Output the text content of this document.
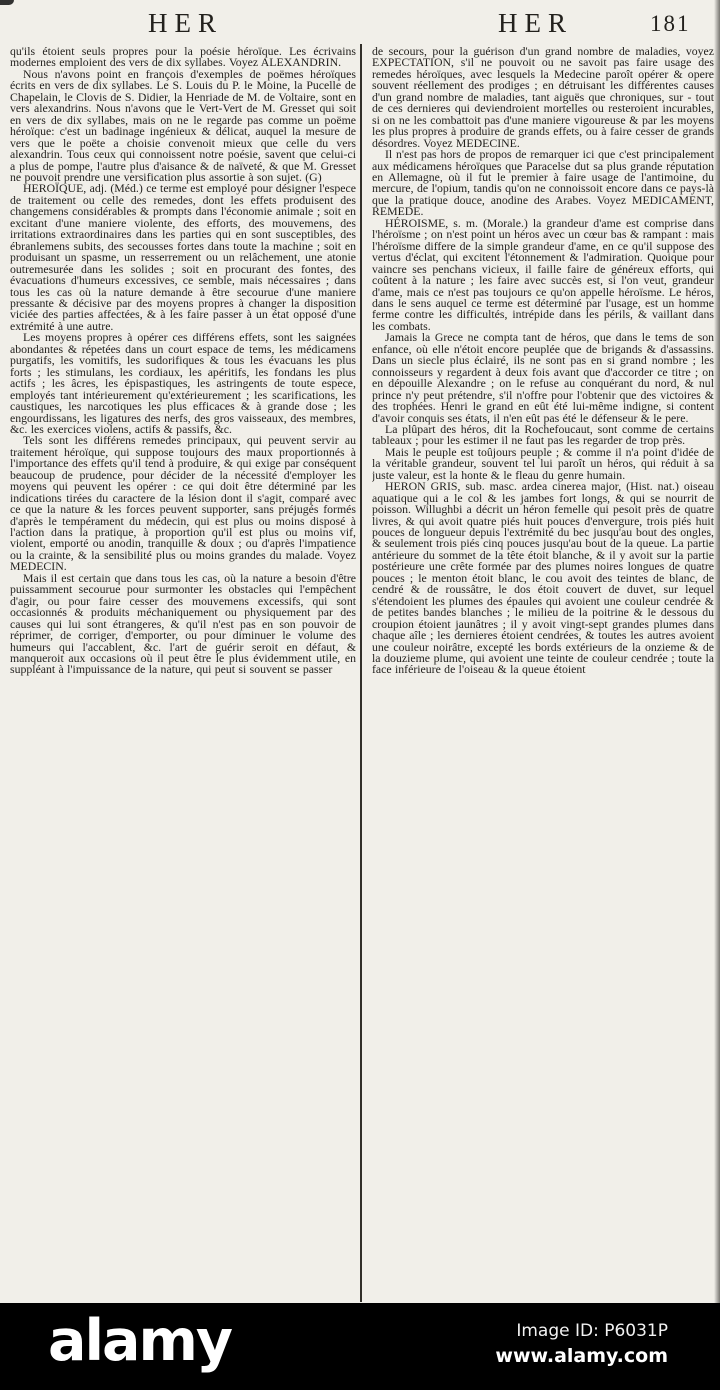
HER	HER	181

qu'ils étoient seuls propres pour la poésie héroïque. Les écrivains modernes emploient des vers de dix syllabes. Voyez ALEXANDRIN.

Nous n'avons point en françois d'exemples de poëmes héroïques écrits en vers de dix syllabes. Le S. Louis du P. le Moine, la Pucelle de Chapelain, le Clovis de S. Didier, la Henriade de M. de Voltaire, sont en vers alexandrins. Nous n'avons que le Vert-Vert de M. Gresset qui soit en vers de dix syllabes, mais on ne le regarde pas comme un poëme héroïque: c'est un badinage ingénieux & délicat, auquel la mesure de vers que le poëte a choisie convenoit mieux que celle du vers alexandrin. Tous ceux qui connoissent notre poésie, savent que celui-ci a plus de pompe, l'autre plus d'aisance & de naïveté, & que M. Gresset ne pouvoit prendre une versification plus assortie à son sujet. (G)

HEROÏQUE, adj. (Méd.) ce terme est employé pour désigner l'espece de traitement ou celle des remedes, dont les effets produisent des changemens considérables & prompts dans l'économie animale ; soit en excitant d'une maniere violente, des efforts, des mouvemens, des irritations extraordinaires dans les parties qui en sont susceptibles, des ébranlemens subits, des secousses fortes dans toute la machine ; soit en produisant un spasme, un resserrement ou un relâchement, une atonie outremesurée dans les solides ; soit en procurant des fontes, des évacuations d'humeurs excessives, ce semble, mais nécessaires ; dans tous les cas où la nature demande à être secourue d'une maniere pressante & décisive par des moyens propres à changer la disposition viciée des parties affectées, & à les faire passer à un état opposé d'une extrémité à une autre.

Les moyens propres à opérer ces différens effets, sont les saignées abondantes & répetées dans un court espace de tems, les médicamens purgatifs, les vomitifs, les sudorifiques & tous les évacuans les plus forts ; les stimulans, les cordiaux, les apéritifs, les fondans les plus actifs ; les âcres, les épispastiques, les astringents de toute espece, employés tant intérieurement qu'extérieurement ; les scarifications, les caustiques, les narcotiques les plus efficaces & à grande dose ; les engourdissans, les ligatures des nerfs, des gros vaisseaux, des membres, &c. les exercices violens, actifs & passifs, &c.

Tels sont les différens remedes principaux, qui peuvent servir au traitement héroïque, qui suppose toujours des maux proportionnés à l'importance des effets qu'il tend à produire, & qui exige par conséquent beaucoup de prudence, pour décider de la nécessité d'employer les moyens qui peuvent les opérer : ce qui doit être déterminé par les indications tirées du caractere de la lésion dont il s'agit, comparé avec ce que la nature & les forces peuvent supporter, sans préjugés formés d'après le tempérament du médecin, qui est plus ou moins disposé à l'action dans la pratique, à proportion qu'il est plus ou moins vif, violent, emporté ou anodin, tranquille & doux ; ou d'après l'impatience ou la crainte, & la sensibilité plus ou moins grandes du malade. Voyez MEDECIN.

Mais il est certain que dans tous les cas, où la nature a besoin d'être puissamment secourue pour surmonter les obstacles qui l'empêchent d'agir, ou pour faire cesser des mouvemens excessifs, qui sont occasionnés & produits méchaniquement ou physiquement par des causes qui lui sont étrangeres, & qu'il n'est pas en son pouvoir de réprimer, de corriger, d'emporter, ou pour diminuer le volume des humeurs qui l'accablent, &c. l'art de guérir seroit en défaut, & manqueroit aux occasions où il peut être le plus évidemment utile, en suppléant à l'impuissance de la nature, qui peut si souvent se passer

de secours, pour la guérison d'un grand nombre de maladies, voyez EXPECTATION, s'il ne pouvoit ou ne savoit pas faire usage des remedes héroïques, avec lesquels la Medecine paroît opérer & opere souvent réellement des prodiges ; en détruisant les différentes causes d'un grand nombre de maladies, tant aiguës que chroniques, sur - tout de ces dernieres qui deviendroient mortelles ou resteroient incurables, si on ne les combattoit pas d'une maniere vigoureuse & par les moyens les plus propres à produire de grands effets, ou à faire cesser de grands désordres. Voyez MEDECINE.

Il n'est pas hors de propos de remarquer ici que c'est principalement aux médicamens héroïques que Paracelse dut sa plus grande réputation en Allemagne, où il fut le premier à faire usage de l'antimoine, du mercure, de l'opium, tandis qu'on ne connoissoit encore dans ce pays-là que la pratique douce, anodine des Arabes. Voyez MEDICAMENT, REMEDE.

HÉROISME, s. m. (Morale.) la grandeur d'ame est comprise dans l'héroïsme ; on n'est point un héros avec un cœur bas & rampant : mais l'héroïsme differe de la simple grandeur d'ame, en ce qu'il suppose des vertus d'éclat, qui excitent l'étonnement & l'admiration. Quoique pour vaincre ses penchans vicieux, il faille faire de généreux efforts, qui coûtent à la nature ; les faire avec succès est, si l'on veut, grandeur d'ame, mais ce n'est pas toujours ce qu'on appelle héroïsme. Le héros, dans le sens auquel ce terme est déterminé par l'usage, est un homme ferme contre les difficultés, intrépide dans les périls, & vaillant dans les combats.

Jamais la Grece ne compta tant de héros, que dans le tems de son enfance, où elle n'étoit encore peuplée que de brigands & d'assassins. Dans un siecle plus éclairé, ils ne sont pas en si grand nombre ; les connoisseurs y regardent à deux fois avant que d'accorder ce titre ; on en dépouille Alexandre ; on le refuse au conquérant du nord, & nul prince n'y peut prétendre, s'il n'offre pour l'obtenir que des victoires & des trophées. Henri le grand en eût été lui-même indigne, si content d'avoir conquis ses états, il n'en eût pas été le défenseur & le pere.

La plûpart des héros, dit la Rochefoucaut, sont comme de certains tableaux ; pour les estimer il ne faut pas les regarder de trop près.

Mais le peuple est toûjours peuple ; & comme il n'a point d'idée de la véritable grandeur, souvent tel lui paroît un héros, qui réduit à sa juste valeur, est la honte & le fleau du genre humain.

HERON GRIS, sub. masc. ardea cinerea major, (Hist. nat.) oiseau aquatique qui a le col & les jambes fort longs, & qui se nourrit de poisson. Willughbi a décrit un héron femelle qui pesoit près de quatre livres, & qui avoit quatre piés huit pouces d'envergure, trois piés huit pouces de longueur depuis l'extrémité du bec jusqu'au bout des ongles, & seulement trois piés cinq pouces jusqu'au bout de la queue. La partie antérieure du sommet de la tête étoit blanche, & il y avoit sur la partie postérieure une crête formée par des plumes noires longues de quatre pouces ; le menton étoit blanc, le cou avoit des teintes de blanc, de cendré & de roussâtre, le dos étoit couvert de duvet, sur lequel s'étendoient les plumes des épaules qui avoient une couleur cendrée & de petites bandes blanches ; le milieu de la poitrine & le dessous du croupion étoient jaunâtres ; il y avoit vingt-sept grandes plumes dans chaque aîle ; les dernieres étoient cendrées, & toutes les autres avoient une couleur noirâtre, excepté les bords extérieurs de la onzieme & de la douzieme plume, qui avoient une teinte de couleur cendrée ; toute la face inférieure de l'oiseau & la queue étoient

alamy	Image ID: P6031P
www.alamy.com
